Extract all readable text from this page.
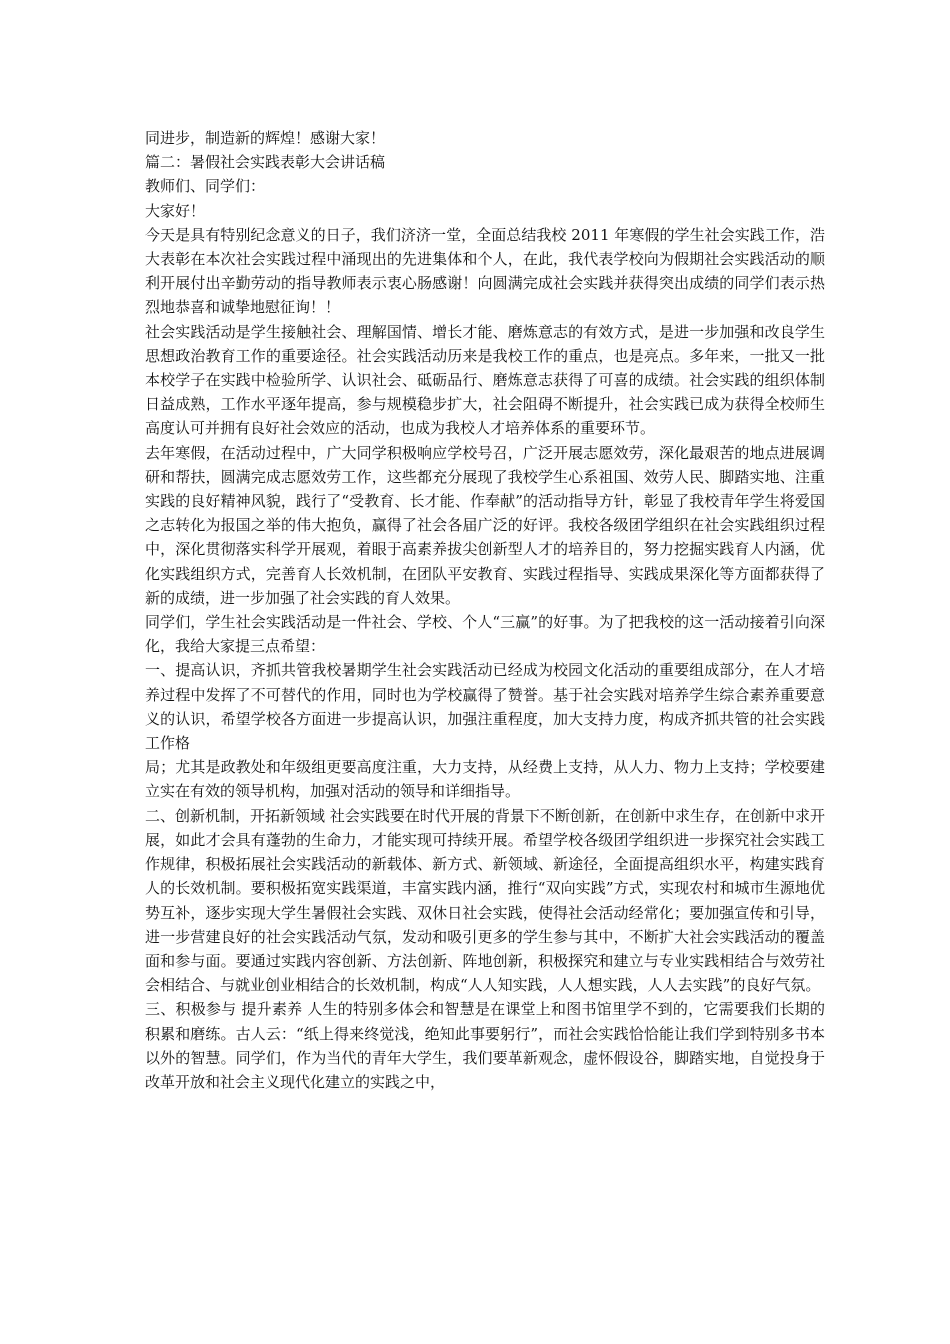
同进步，制造新的辉煌！感谢大家！

篇二：暑假社会实践表彰大会讲话稿

教师们、同学们：

大家好！

今天是具有特别纪念意义的日子，我们济济一堂，全面总结我校 2011 年寒假的学生社会实践工作，浩大表彰在本次社会实践过程中涌现出的先进集体和个人，在此，我代表学校向为假期社会实践活动的顺利开展付出辛勤劳动的指导教师表示衷心肠感谢！向圆满完成社会实践并获得突出成绩的同学们表示热烈地恭喜和诚挚地慰征询！！

社会实践活动是学生接触社会、理解国情、增长才能、磨炼意志的有效方式，是进一步加强和改良学生思想政治教育工作的重要途径。社会实践活动历来是我校工作的重点，也是亮点。多年来，一批又一批本校学子在实践中检验所学、认识社会、砥砺品行、磨炼意志获得了可喜的成绩。社会实践的组织体制日益成熟，工作水平逐年提高，参与规模稳步扩大，社会阻碍不断提升，社会实践已成为获得全校师生高度认可并拥有良好社会效应的活动，也成为我校人才培养体系的重要环节。

去年寒假，在活动过程中，广大同学积极响应学校号召，广泛开展志愿效劳，深化最艰苦的地点进展调研和帮扶，圆满完成志愿效劳工作，这些都充分展现了我校学生心系祖国、效劳人民、脚踏实地、注重实践的良好精神风貌，践行了“受教育、长才能、作奉献”的活动指导方针，彰显了我校青年学生将爱国之志转化为报国之举的伟大抱负，赢得了社会各届广泛的好评。我校各级团学组织在社会实践组织过程中，深化贯彻落实科学开展观，着眼于高素养拔尖创新型人才的培养目的，努力挖掘实践育人内涵，优化实践组织方式，完善育人长效机制，在团队平安教育、实践过程指导、实践成果深化等方面都获得了新的成绩，进一步加强了社会实践的育人效果。

同学们，学生社会实践活动是一件社会、学校、个人“三赢”的好事。为了把我校的这一活动接着引向深化，我给大家提三点希望：

一、提高认识，齐抓共管我校暑期学生社会实践活动已经成为校园文化活动的重要组成部分，在人才培养过程中发挥了不可替代的作用，同时也为学校赢得了赞誉。基于社会实践对培养学生综合素养重要意义的认识，希望学校各方面进一步提高认识，加强注重程度，加大支持力度，构成齐抓共管的社会实践工作格

局；尤其是政教处和年级组更要高度注重，大力支持，从经费上支持，从人力、物力上支持；学校要建立实在有效的领导机构，加强对活动的领导和详细指导。

二、创新机制，开拓新领域 社会实践要在时代开展的背景下不断创新，在创新中求生存，在创新中求开展，如此才会具有蓬勃的生命力，才能实现可持续开展。希望学校各级团学组织进一步探究社会实践工作规律，积极拓展社会实践活动的新载体、新方式、新领域、新途径，全面提高组织水平，构建实践育人的长效机制。要积极拓宽实践渠道，丰富实践内涵，推行“双向实践”方式，实现农村和城市生源地优势互补，逐步实现大学生暑假社会实践、双休日社会实践，使得社会活动经常化；要加强宣传和引导，进一步营建良好的社会实践活动气氛，发动和吸引更多的学生参与其中，不断扩大社会实践活动的覆盖面和参与面。要通过实践内容创新、方法创新、阵地创新，积极探究和建立与专业实践相结合与效劳社会相结合、与就业创业相结合的长效机制，构成“人人知实践，人人想实践，人人去实践”的良好气氛。

三、积极参与 提升素养 人生的特别多体会和智慧是在课堂上和图书馆里学不到的，它需要我们长期的积累和磨练。古人云：“纸上得来终觉浅，绝知此事要躬行”，而社会实践恰恰能让我们学到特别多书本以外的智慧。同学们，作为当代的青年大学生，我们要革新观念，虚怀假设谷，脚踏实地，自觉投身于改革开放和社会主义现代化建立的实践之中，
